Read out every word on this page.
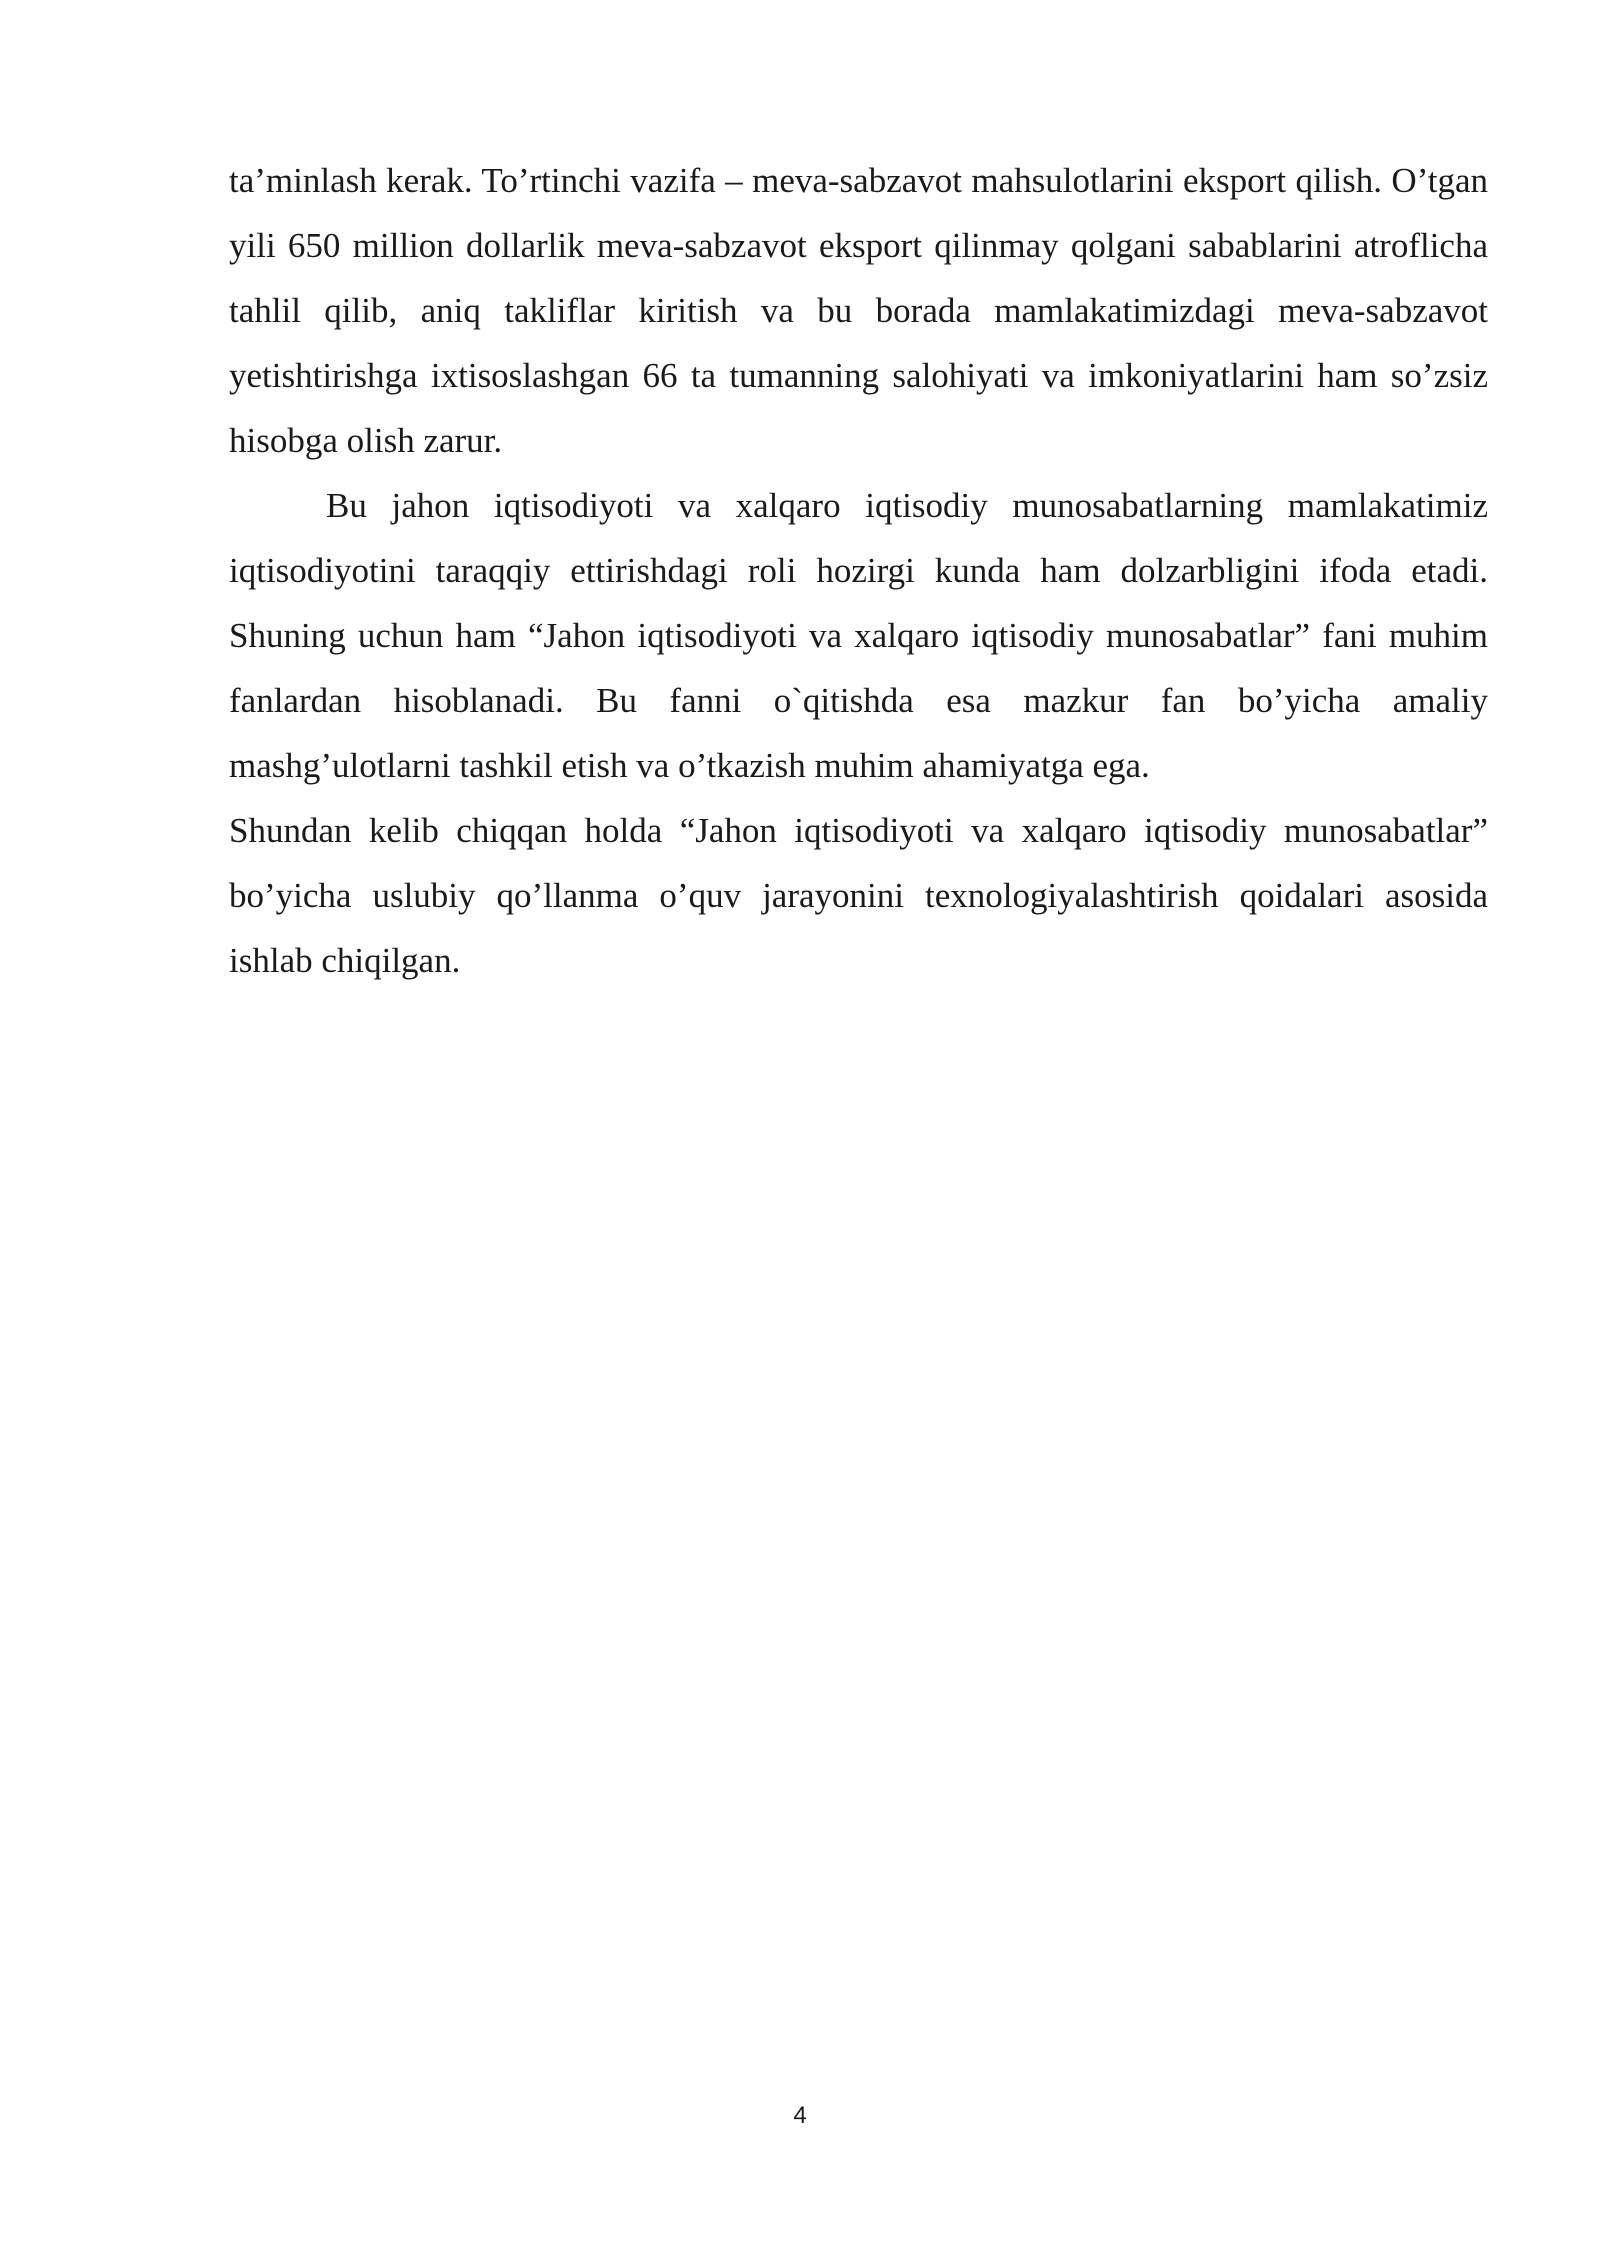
ta’minlash kerak. To’rtinchi vazifa – meva-sabzavot mahsulotlarini eksport qilish. O’tgan yili 650 million dollarlik meva-sabzavot eksport qilinmay qolgani sabablarini atroflicha tahlil qilib, aniq takliflar kiritish va bu borada mamlakatimizdagi meva-sabzavot yetishtirishga ixtisoslashgan 66 ta tumanning salohiyati va imkoniyatlarini ham so’zsiz hisobga olish zarur.

Bu jahon iqtisodiyoti va xalqaro iqtisodiy munosabatlarning mamlakatimiz iqtisodiyotini taraqqiy ettirishdagi roli hozirgi kunda ham dolzarbligini ifoda etadi. Shuning uchun ham “Jahon iqtisodiyoti va xalqaro iqtisodiy munosabatlar” fani muhim fanlardan hisoblanadi. Bu fanni o`qitishda esa mazkur fan bo’yicha amaliy mashg’ulotlarni tashkil etish va o’tkazish muhim ahamiyatga ega.

Shundan kelib chiqqan holda “Jahon iqtisodiyoti va xalqaro iqtisodiy munosabatlar” bo’yicha uslubiy qo’llanma o’quv jarayonini texnologiyalashtirish qoidalari asosida ishlab chiqilgan.

4
